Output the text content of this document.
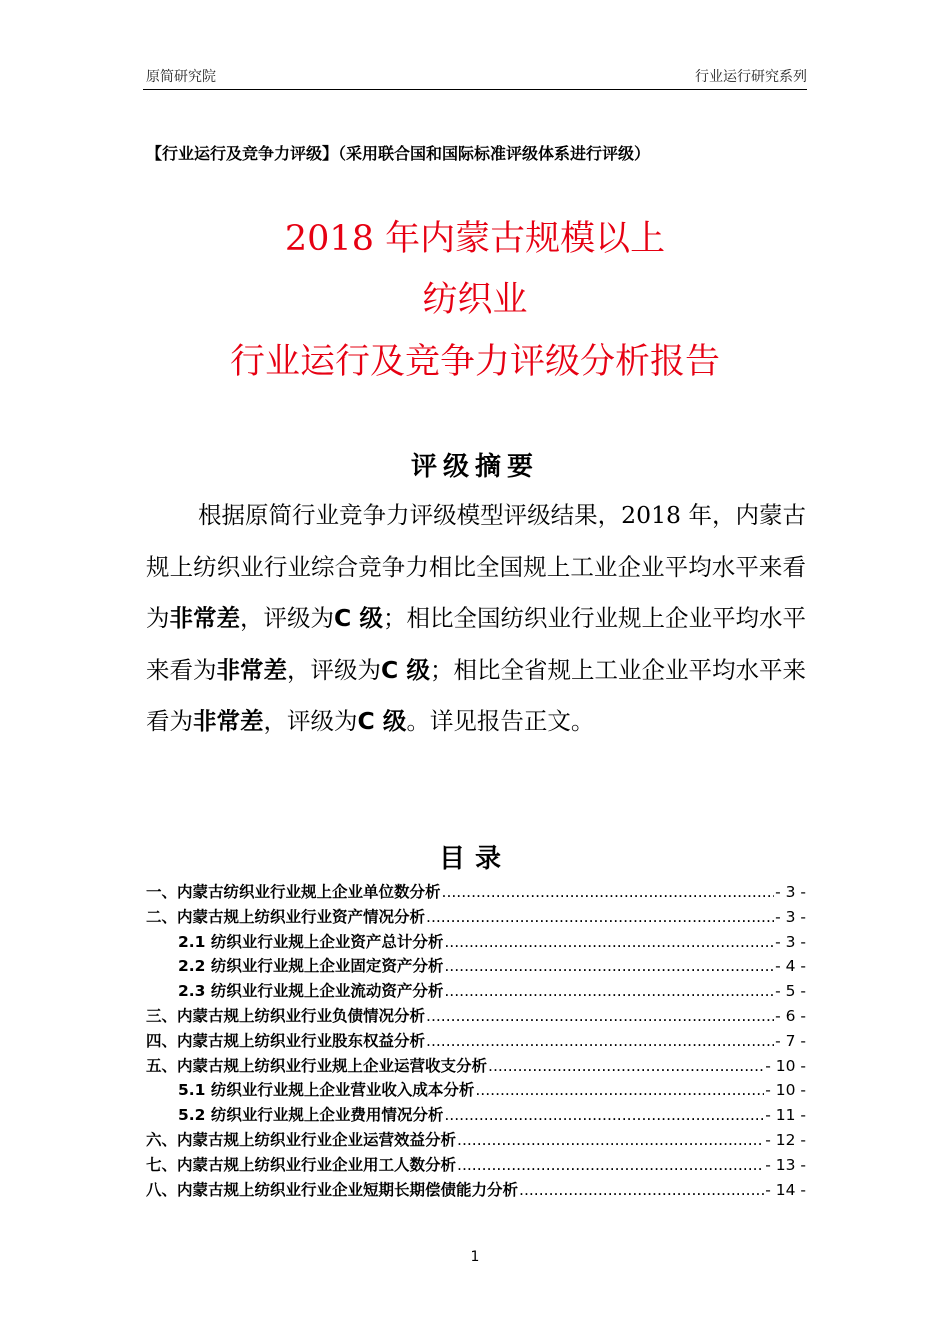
原简研究院	行业运行研究系列
【行业运行及竞争力评级】（采用联合国和国际标准评级体系进行评级）
2018 年内蒙古规模以上
纺织业
行业运行及竞争力评级分析报告
评级摘要

根据原简行业竞争力评级模型评级结果，2018 年，内蒙古规上纺织业行业综合竞争力相比全国规上工业企业平均水平来看为非常差，评级为C 级；相比全国纺织业行业规上企业平均水平来看为非常差，评级为C 级；相比全省规上工业企业平均水平来看为非常差，评级为C 级。详见报告正文。

目录
一、内蒙古纺织业行业规上企业单位数分析 .....	- 3 -
二、内蒙古规上纺织业行业资产情况分析 .....	- 3 -
2.1 纺织业行业规上企业资产总计分析 .....	- 3 -
2.2 纺织业行业规上企业固定资产分析 .....	- 4 -
2.3 纺织业行业规上企业流动资产分析 .....	- 5 -
三、内蒙古规上纺织业行业负债情况分析 .....	- 6 -
四、内蒙古规上纺织业行业股东权益分析 .....	- 7 -
五、内蒙古规上纺织业行业规上企业运营收支分析 .....	- 10 -
5.1 纺织业行业规上企业营业收入成本分析 .....	- 10 -
5.2 纺织业行业规上企业费用情况分析 .....	- 11 -
六、内蒙古规上纺织业行业企业运营效益分析 .....	- 12 -
七、内蒙古规上纺织业行业企业用工人数分析 .....	- 13 -
八、内蒙古规上纺织业行业企业短期长期偿债能力分析 .....	- 14 -
1
